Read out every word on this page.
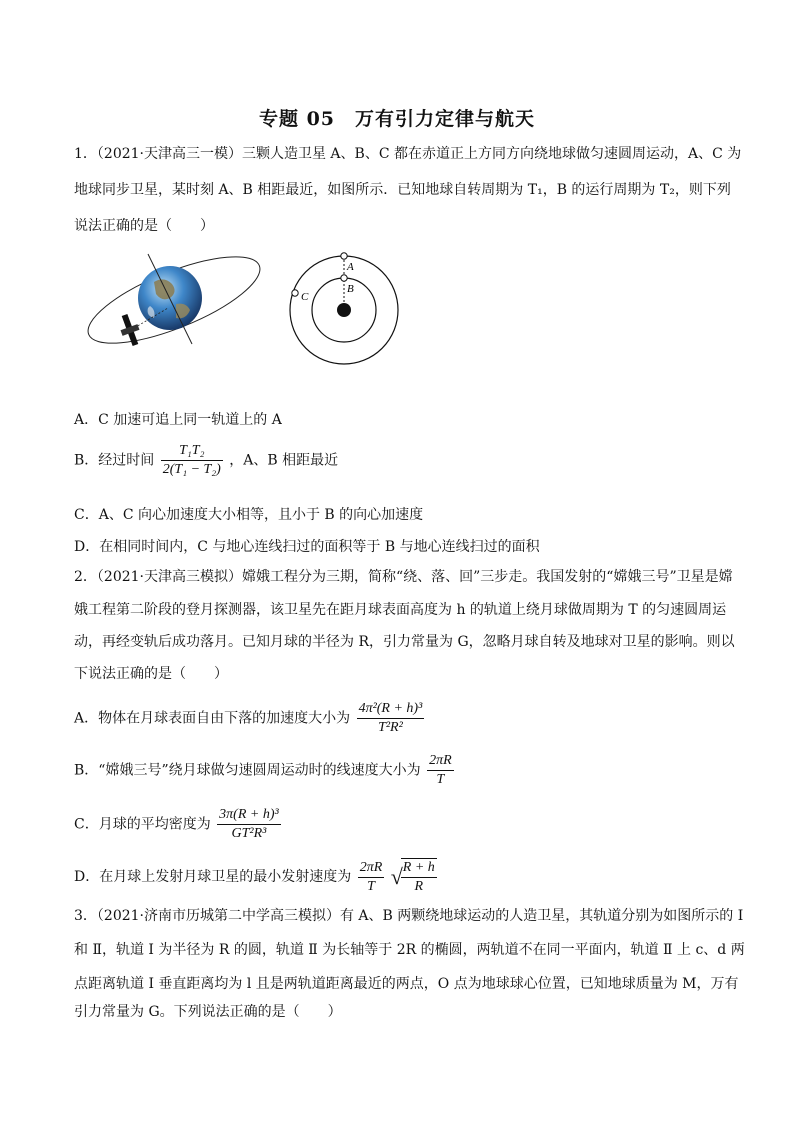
专题 05　万有引力定律与航天
1．（2021·天津高三一模）三颗人造卫星 A、B、C 都在赤道正上方同方向绕地球做匀速圆周运动，A、C 为
地球同步卫星，某时刻 A、B 相距最近，如图所示．已知地球自转周期为 T₁，B 的运行周期为 T₂，则下列
说法正确的是（　　）
A
B
C
A．C 加速可追上同一轨道上的 A
B．经过时间 $\frac{\text{T₁T₂}}{\text{2(T₁ − T₂)}}$ ，A、B 相距最近
C．A、C 向心加速度大小相等，且小于 B 的向心加速度
D．在相同时间内，C 与地心连线扫过的面积等于 B 与地心连线扫过的面积
2．（2021·天津高三模拟）嫦娥工程分为三期，简称“绕、落、回”三步走。我国发射的“嫦娥三号”卫星是嫦
娥工程第二阶段的登月探测器，该卫星先在距月球表面高度为 h 的轨道上绕月球做周期为 T 的匀速圆周运
动，再经变轨后成功落月。已知月球的半径为 R，引力常量为 G，忽略月球自转及地球对卫星的影响。则以
下说法正确的是（　　）
A．物体在月球表面自由下落的加速度大小为 $\frac{\text{4π²(R + h)³}}{\text{T²R²}}$
B．“嫦娥三号”绕月球做匀速圆周运动时的线速度大小为 $\frac{2\pi R}{T}$
C．月球的平均密度为 $\frac{\text{3π(R + h)³}}{\text{GT²R³}}$
D．在月球上发射月球卫星的最小发射速度为 $\frac{2\pi R}{T}$ √
$\frac{R + h}{R}$
3．（2021·济南市历城第二中学高三模拟）有 A、B 两颗绕地球运动的人造卫星，其轨道分别为如图所示的 Ⅰ
和 Ⅱ，轨道 Ⅰ 为半径为 R 的圆，轨道 Ⅱ 为长轴等于 2R 的椭圆，两轨道不在同一平面内，轨道 Ⅱ 上 c、d 两
点距离轨道 Ⅰ 垂直距离均为 l 且是两轨道距离最近的两点，O 点为地球球心位置，已知地球质量为 M，万有
引力常量为 G。下列说法正确的是（　　）
